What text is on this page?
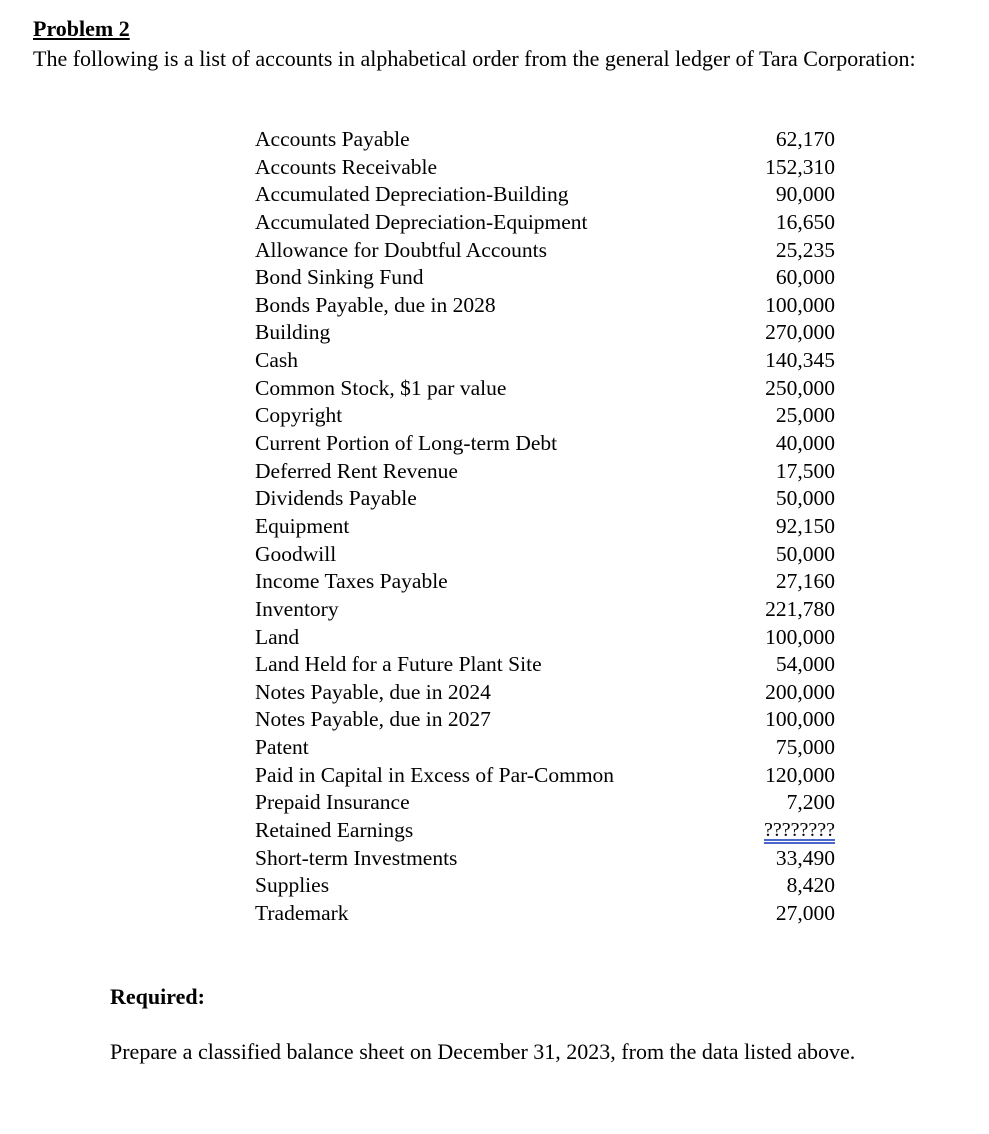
Problem 2
The following is a list of accounts in alphabetical order from the general ledger of Tara Corporation:
Accounts Payable	62,170
Accounts Receivable	152,310
Accumulated Depreciation-Building	90,000
Accumulated Depreciation-Equipment	16,650
Allowance for Doubtful Accounts	25,235
Bond Sinking Fund	60,000
Bonds Payable, due in 2028	100,000
Building	270,000
Cash	140,345
Common Stock, $1 par value	250,000
Copyright	25,000
Current Portion of Long-term Debt	40,000
Deferred Rent Revenue	17,500
Dividends Payable	50,000
Equipment	92,150
Goodwill	50,000
Income Taxes Payable	27,160
Inventory	221,780
Land	100,000
Land Held for a Future Plant Site	54,000
Notes Payable, due in 2024	200,000
Notes Payable, due in 2027	100,000
Patent	75,000
Paid in Capital in Excess of Par-Common	120,000
Prepaid Insurance	7,200
Retained Earnings	????????
Short-term Investments	33,490
Supplies	8,420
Trademark	27,000
Required:
Prepare a classified balance sheet on December 31, 2023, from the data listed above.
